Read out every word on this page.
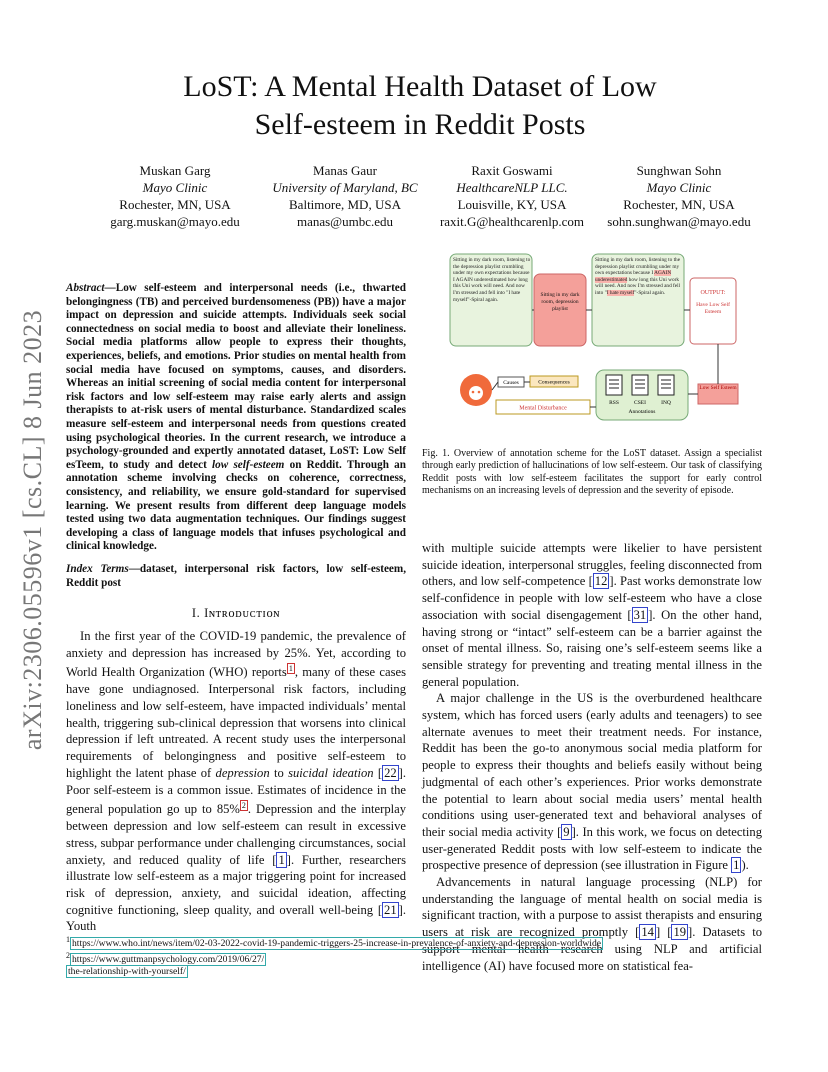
arXiv:2306.05596v1 [cs.CL] 8 Jun 2023
LᴏST: A Mental Health Dataset of Low
Self-esteem in Reddit Posts
Muskan Garg
Mayo Clinic
Rochester, MN, USA
garg.muskan@mayo.edu
Manas Gaur
University of Maryland, BC
Baltimore, MD, USA
manas@umbc.edu
Raxit Goswami
HealthcareNLP LLC.
Louisville, KY, USA
raxit.G@healthcarenlp.com
Sunghwan Sohn
Mayo Clinic
Rochester, MN, USA
sohn.sunghwan@mayo.edu
Abstract—Low self-esteem and interpersonal needs (i.e., thwarted belongingness (TB) and perceived burdensomeness (PB)) have a major impact on depression and suicide attempts. Individuals seek social connectedness on social media to boost and alleviate their loneliness. Social media platforms allow people to express their thoughts, experiences, beliefs, and emotions. Prior studies on mental health from social media have focused on symptoms, causes, and disorders. Whereas an initial screening of social media content for interpersonal risk factors and low self-esteem may raise early alerts and assign therapists to at-risk users of mental disturbance. Standardized scales measure self-esteem and interpersonal needs from questions created using psychological theories. In the current research, we introduce a psychology-grounded and expertly annotated dataset, LoST: Low Self esTeem, to study and detect low self-esteem on Reddit. Through an annotation scheme involving checks on coherence, correctness, consistency, and reliability, we ensure gold-standard for supervised learning. We present results from different deep language models tested using two data augmentation techniques. Our findings suggest developing a class of language models that infuses psychological and clinical knowledge.
Index Terms—dataset, interpersonal risk factors, low self-esteem, Reddit post
I. Iɴᴛʀᴏᴅᴜᴄᴛɪᴏɴ

In the first year of the COVID-19 pandemic, the prevalence of anxiety and depression has increased by 25%. Yet, according to World Health Organization (WHO) reports $^1$ , many of these cases have gone undiagnosed. Interpersonal risk factors, including loneliness and low self-esteem, have impacted individuals’ mental health, triggering sub-clinical depression that worsens into clinical depression if left untreated. A recent study uses the interpersonal requirements of belongingness and positive self-esteem to highlight the latent phase of depression to suicidal ideation [ 22 ]. Poor self-esteem is a common issue. Estimates of incidence in the general population go up to 85% $^2$ . Depression and the interplay between depression and low self-esteem can result in excessive stress, subpar performance under challenging circumstances, social anxiety, and reduced quality of life [ 1 ]. Further, researchers illustrate low self-esteem as a major triggering point for increased risk of depression, anxiety, and suicidal ideation, affecting cognitive functioning, sleep quality, and overall well-being [ 21 ]. Youth

Sitting in my dark room, listening to the depression playlist crumbling under my own expectations because I AGAIN underestimated how long this Uni work will need. And now I'm stressed and fell into "I hate myself"-Spiral again.
Sitting in my dark room, depression playlist
Sitting in my dark room, listening to the depression playlist crumbling under my own expectations because I AGAIN underestimated how long this Uni work will need. And now I'm stressed and fell into "I hate myself"-Spiral again.	OUTPUT:
Have Low Self Esteem
Causes	Consequences
Mental Disturbance
RSS	CSEI	INQ
Annotations
Low Self Esteem
Fig. 1. Overview of annotation scheme for the LoST dataset. Assign a specialist through early prediction of hallucinations of low self-esteem. Our task of classifying Reddit posts with low self-esteem facilitates the support for early control mechanisms on an increasing levels of depression and the severity of episode.

with multiple suicide attempts were likelier to have persistent suicide ideation, interpersonal struggles, feeling disconnected from others, and low self-competence [ 12 ]. Past works demonstrate low self-confidence in people with low self-esteem who have a close association with social disengagement [ 31 ]. On the other hand, having strong or “intact” self-esteem can be a barrier against the onset of mental illness. So, raising one’s self-esteem seems like a sensible strategy for preventing and treating mental illness in the general population.

A major challenge in the US is the overburdened healthcare system, which has forced users (early adults and teenagers) to see alternate avenues to meet their treatment needs. For instance, Reddit has been the go-to anonymous social media platform for people to express their thoughts and beliefs easily without being judgmental of each other’s experiences. Prior works demonstrate the potential to learn about social media users’ mental health conditions using user-generated text and behavioral analyses of their social media activity [ 9 ]. In this work, we focus on detecting user-generated Reddit posts with low self-esteem to indicate the prospective presence of depression (see illustration in Figure 1 ).

Advancements in natural language processing (NLP) for understanding the language of mental health on social media is significant traction, with a purpose to assist therapists and ensuring users at risk are recognized promptly [ 14 ] [ 19 ]. Datasets to support mental health research using NLP and artificial intelligence (AI) have focused more on statistical fea-

$^1$ https://www.who.int/news/item/02-03-2022-covid-19-pandemic-triggers-25-increase-in-prevalence-of-anxiety-and-depression-worldwide
$^2$ https://www.guttmanpsychology.com/2019/06/27/
the-relationship-with-yourself/
